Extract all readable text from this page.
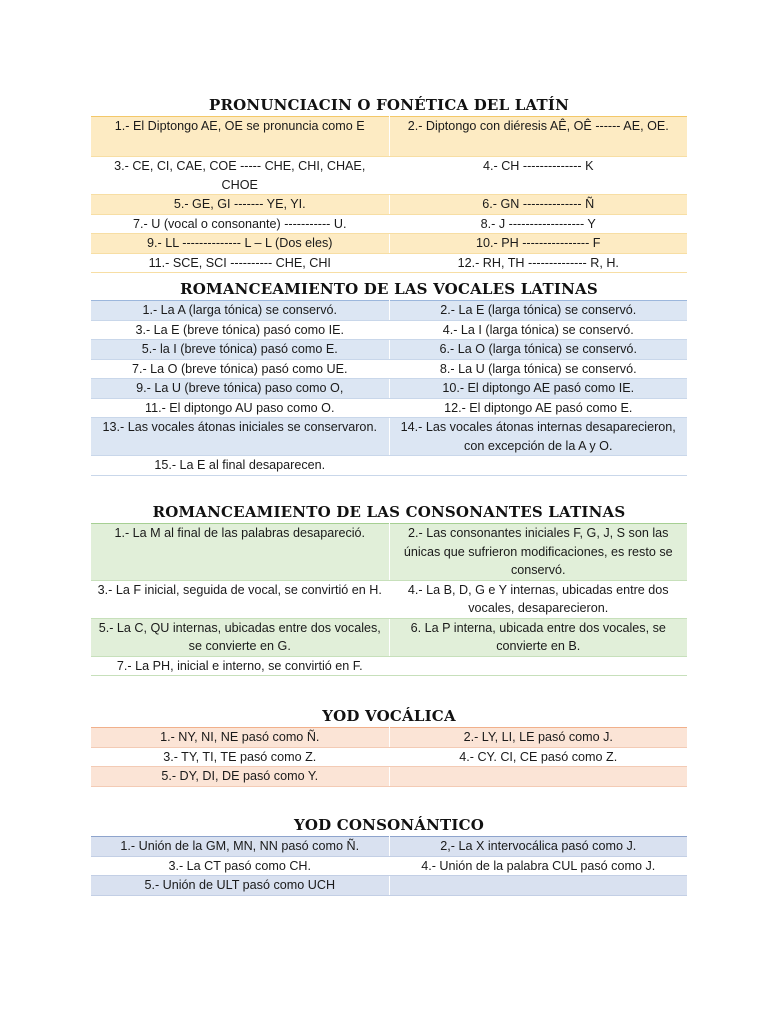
PRONUNCIACIN O FONÉTICA DEL LATÍN
1.- El Diptongo AE, OE se pronuncia como E	2.- Diptongo con diéresis AÊ, OÊ ------ AE, OE.
3.- CE, CI, CAE, COE ----- CHE, CHI, CHAE, CHOE	4.- CH -------------- K
5.- GE, GI ------- YE, YI.	6.- GN -------------- Ñ
7.- U (vocal o consonante) ----------- U.	8.- J ------------------ Y
9.- LL -------------- L – L (Dos eles)	10.- PH ---------------- F
11.- SCE, SCI ---------- CHE, CHI	12.- RH, TH -------------- R, H.
ROMANCEAMIENTO DE LAS VOCALES LATINAS
1.- La A (larga tónica) se conservó.	2.- La E (larga tónica) se conservó.
3.- La E (breve tónica) pasó como IE.	4.- La I (larga tónica) se conservó.
5.- la I (breve tónica) pasó como E.	6.- La O (larga tónica) se conservó.
7.- La O (breve tónica) pasó como UE.	8.- La U (larga tónica) se conservó.
9.- La U (breve tónica) paso como O,	10.- El diptongo AE pasó como IE.
11.- El diptongo AU paso como O.	12.- El diptongo AE pasó como E.
13.- Las vocales átonas iniciales se conservaron.	14.- Las vocales átonas internas desaparecieron, con excepción de la A y O.
15.- La E al final desaparecen.	
ROMANCEAMIENTO DE LAS CONSONANTES LATINAS
1.- La M al final de las palabras desapareció.	2.- Las consonantes iniciales F, G, J, S son las únicas que sufrieron modificaciones, es resto se conservó.
3.- La F inicial, seguida de vocal, se convirtió en H.	4.- La B, D, G e Y internas, ubicadas entre dos vocales, desaparecieron.
5.- La C, QU internas, ubicadas entre dos vocales, se convierte en G.	6. La P interna, ubicada entre dos vocales, se convierte en B.
7.- La PH, inicial e interno, se convirtió en F.	
YOD VOCÁLICA
1.- NY, NI, NE pasó como Ñ.	2.- LY, LI, LE pasó como J.
3.- TY, TI, TE pasó como Z.	4.- CY. CI, CE pasó como Z.
5.- DY, DI, DE pasó como Y.	
YOD CONSONÁNTICO
1.- Unión de la GM, MN, NN pasó como Ñ.	2,- La X intervocálica pasó como J.
3.- La CT pasó como CH.	4.- Unión de la palabra CUL pasó como J.
5.- Unión de ULT pasó como UCH	
